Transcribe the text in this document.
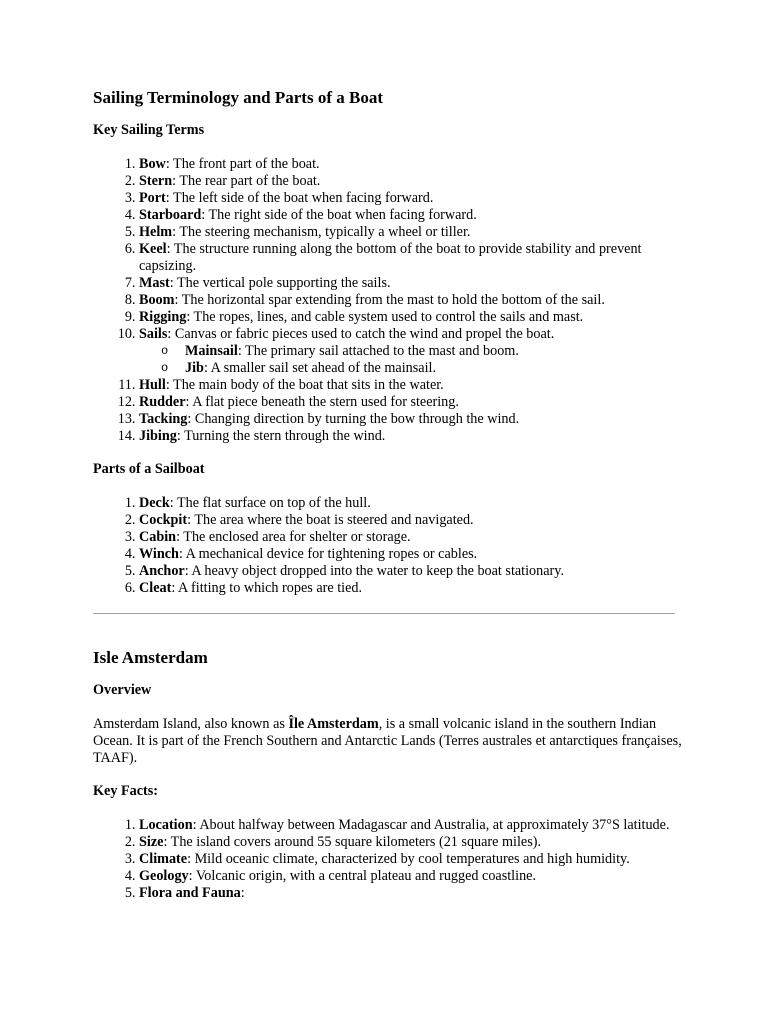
Sailing Terminology and Parts of a Boat
Key Sailing Terms
1. Bow: The front part of the boat.
2. Stern: The rear part of the boat.
3. Port: The left side of the boat when facing forward.
4. Starboard: The right side of the boat when facing forward.
5. Helm: The steering mechanism, typically a wheel or tiller.
6. Keel: The structure running along the bottom of the boat to provide stability and prevent capsizing.
7. Mast: The vertical pole supporting the sails.
8. Boom: The horizontal spar extending from the mast to hold the bottom of the sail.
9. Rigging: The ropes, lines, and cable system used to control the sails and mast.
10. Sails: Canvas or fabric pieces used to catch the wind and propel the boat.
o Mainsail: The primary sail attached to the mast and boom.
o Jib: A smaller sail set ahead of the mainsail.
11. Hull: The main body of the boat that sits in the water.
12. Rudder: A flat piece beneath the stern used for steering.
13. Tacking: Changing direction by turning the bow through the wind.
14. Jibing: Turning the stern through the wind.
Parts of a Sailboat
1. Deck: The flat surface on top of the hull.
2. Cockpit: The area where the boat is steered and navigated.
3. Cabin: The enclosed area for shelter or storage.
4. Winch: A mechanical device for tightening ropes or cables.
5. Anchor: A heavy object dropped into the water to keep the boat stationary.
6. Cleat: A fitting to which ropes are tied.
Isle Amsterdam
Overview

Amsterdam Island, also known as Île Amsterdam, is a small volcanic island in the southern Indian Ocean. It is part of the French Southern and Antarctic Lands (Terres australes et antarctiques françaises, TAAF).

Key Facts:
1. Location: About halfway between Madagascar and Australia, at approximately 37°S latitude.
2. Size: The island covers around 55 square kilometers (21 square miles).
3. Climate: Mild oceanic climate, characterized by cool temperatures and high humidity.
4. Geology: Volcanic origin, with a central plateau and rugged coastline.
5. Flora and Fauna:
